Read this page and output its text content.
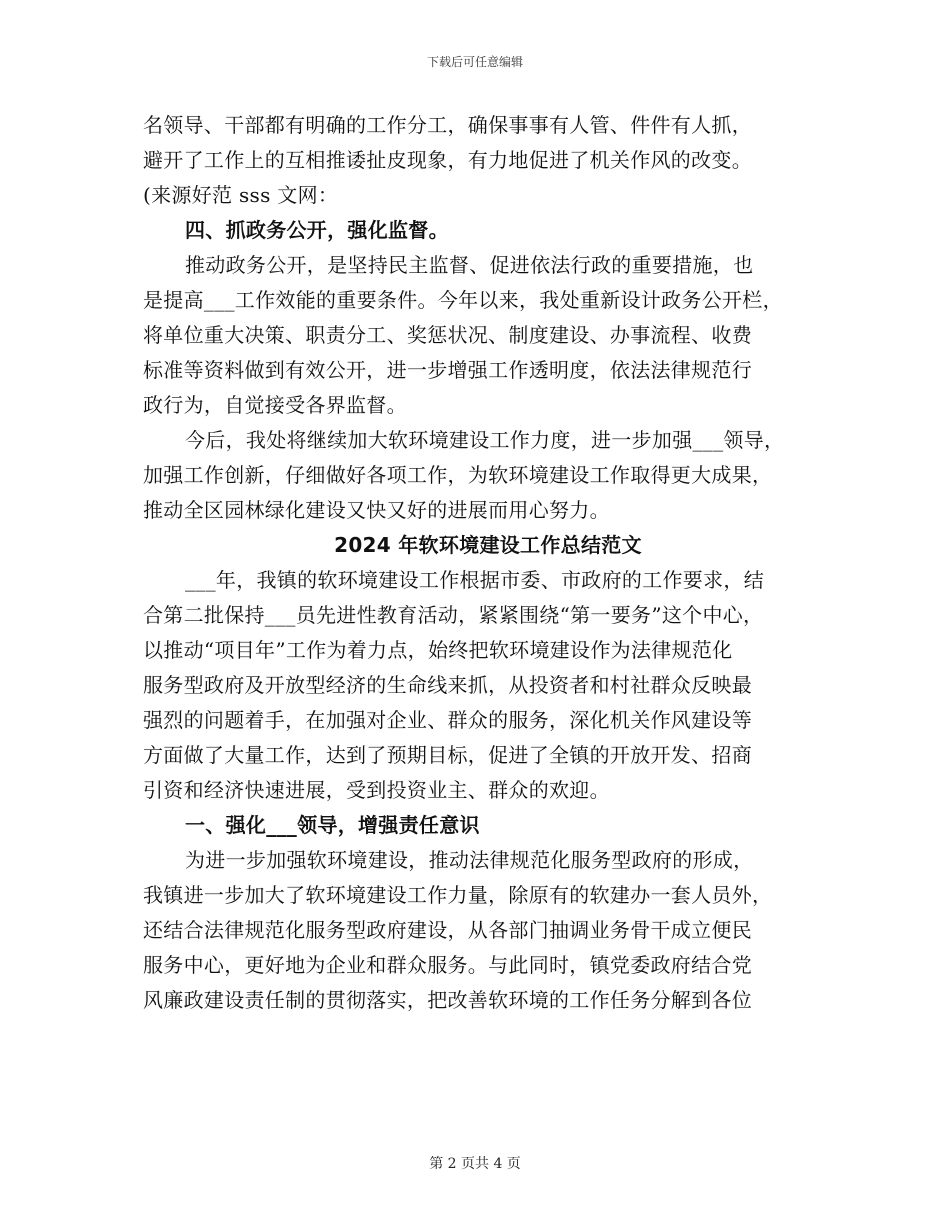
下载后可任意编辑
名领导、干部都有明确的工作分工，确保事事有人管、件件有人抓，
避开了工作上的互相推诿扯皮现象，有力地促进了机关作风的改变。
(来源好范 sss 文网：
四、抓政务公开，强化监督。
推动政务公开，是坚持民主监督、促进依法行政的重要措施，也
是提高___工作效能的重要条件。今年以来，我处重新设计政务公开栏，
将单位重大决策、职责分工、奖惩状况、制度建设、办事流程、收费
标准等资料做到有效公开，进一步增强工作透明度，依法法律规范行
政行为，自觉接受各界监督。
今后，我处将继续加大软环境建设工作力度，进一步加强___领导，
加强工作创新，仔细做好各项工作，为软环境建设工作取得更大成果，
推动全区园林绿化建设又快又好的进展而用心努力。
2024 年软环境建设工作总结范文
___年，我镇的软环境建设工作根据市委、市政府的工作要求，结
合第二批保持___员先进性教育活动，紧紧围绕“第一要务”这个中心，
以推动“项目年”工作为着力点，始终把软环境建设作为法律规范化
服务型政府及开放型经济的生命线来抓，从投资者和村社群众反映最
强烈的问题着手，在加强对企业、群众的服务，深化机关作风建设等
方面做了大量工作，达到了预期目标，促进了全镇的开放开发、招商
引资和经济快速进展，受到投资业主、群众的欢迎。
一、强化___领导，增强责任意识
为进一步加强软环境建设，推动法律规范化服务型政府的形成，
我镇进一步加大了软环境建设工作力量，除原有的软建办一套人员外，
还结合法律规范化服务型政府建设，从各部门抽调业务骨干成立便民
服务中心，更好地为企业和群众服务。与此同时，镇党委政府结合党
风廉政建设责任制的贯彻落实，把改善软环境的工作任务分解到各位
第 2 页共 4 页
